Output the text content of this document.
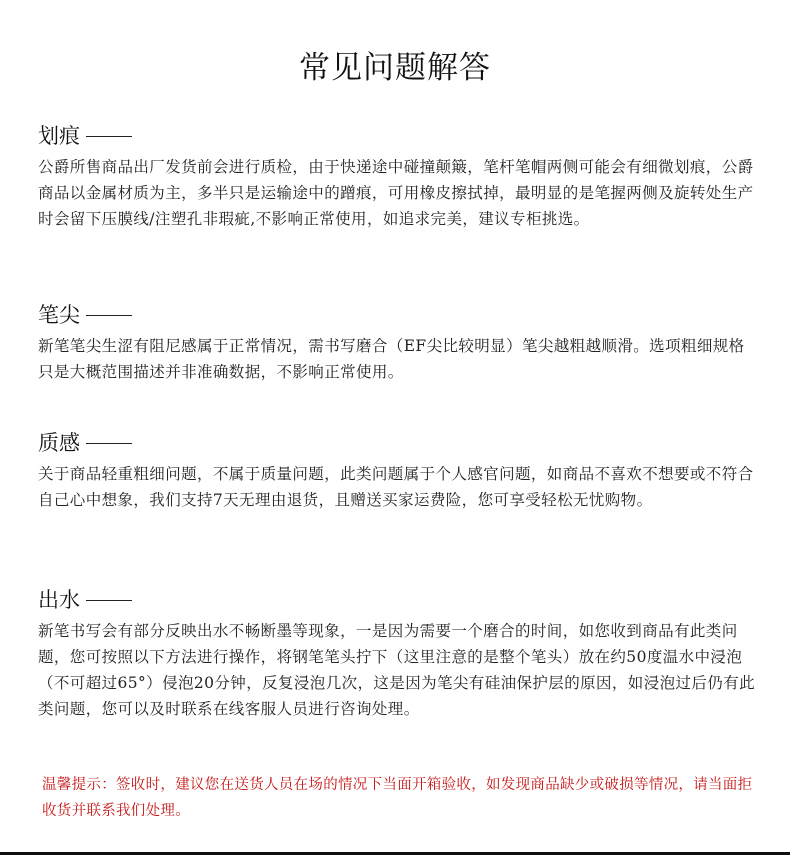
常见问题解答
划痕
公爵所售商品出厂发货前会进行质检，由于快递途中碰撞颠簸，笔杆笔帽两侧可能会有细微划痕，公爵商品以金属材质为主，多半只是运输途中的蹭痕，可用橡皮擦拭掉，最明显的是笔握两侧及旋转处生产时会留下压膜线/注塑孔非瑕疵,不影响正常使用，如追求完美，建议专柜挑选。
笔尖
新笔笔尖生涩有阻尼感属于正常情况，需书写磨合（EF尖比较明显）笔尖越粗越顺滑。选项粗细规格只是大概范围描述并非准确数据，不影响正常使用。
质感
关于商品轻重粗细问题，不属于质量问题，此类问题属于个人感官问题，如商品不喜欢不想要或不符合自己心中想象，我们支持7天无理由退货，且赠送买家运费险，您可享受轻松无忧购物。
出水
新笔书写会有部分反映出水不畅断墨等现象，一是因为需要一个磨合的时间，如您收到商品有此类问题，您可按照以下方法进行操作，将钢笔笔头拧下（这里注意的是整个笔头）放在约50度温水中浸泡（不可超过65°）侵泡20分钟，反复浸泡几次，这是因为笔尖有硅油保护层的原因，如浸泡过后仍有此类问题，您可以及时联系在线客服人员进行咨询处理。
温馨提示：签收时，建议您在送货人员在场的情况下当面开箱验收，如发现商品缺少或破损等情况，请当面拒收货并联系我们处理。
